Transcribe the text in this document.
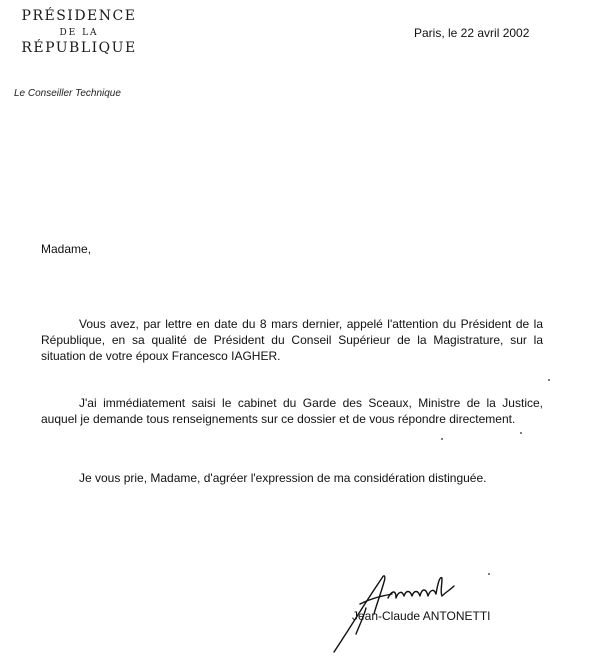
PRÉSIDENCE
DE LA
RÉPUBLIQUE
Le Conseiller Technique
Paris, le 22 avril 2002
Madame,
Vous avez, par lettre en date du 8 mars dernier, appelé l'attention du Président de la République, en sa qualité de Président du Conseil Supérieur de la Magistrature, sur la situation de votre époux Francesco IAGHER.
J'ai immédiatement saisi le cabinet du Garde des Sceaux, Ministre de la Justice, auquel je demande tous renseignements sur ce dossier et de vous répondre directement.
Je vous prie, Madame, d'agréer l'expression de ma considération distinguée.
Jean-Claude ANTONETTI
